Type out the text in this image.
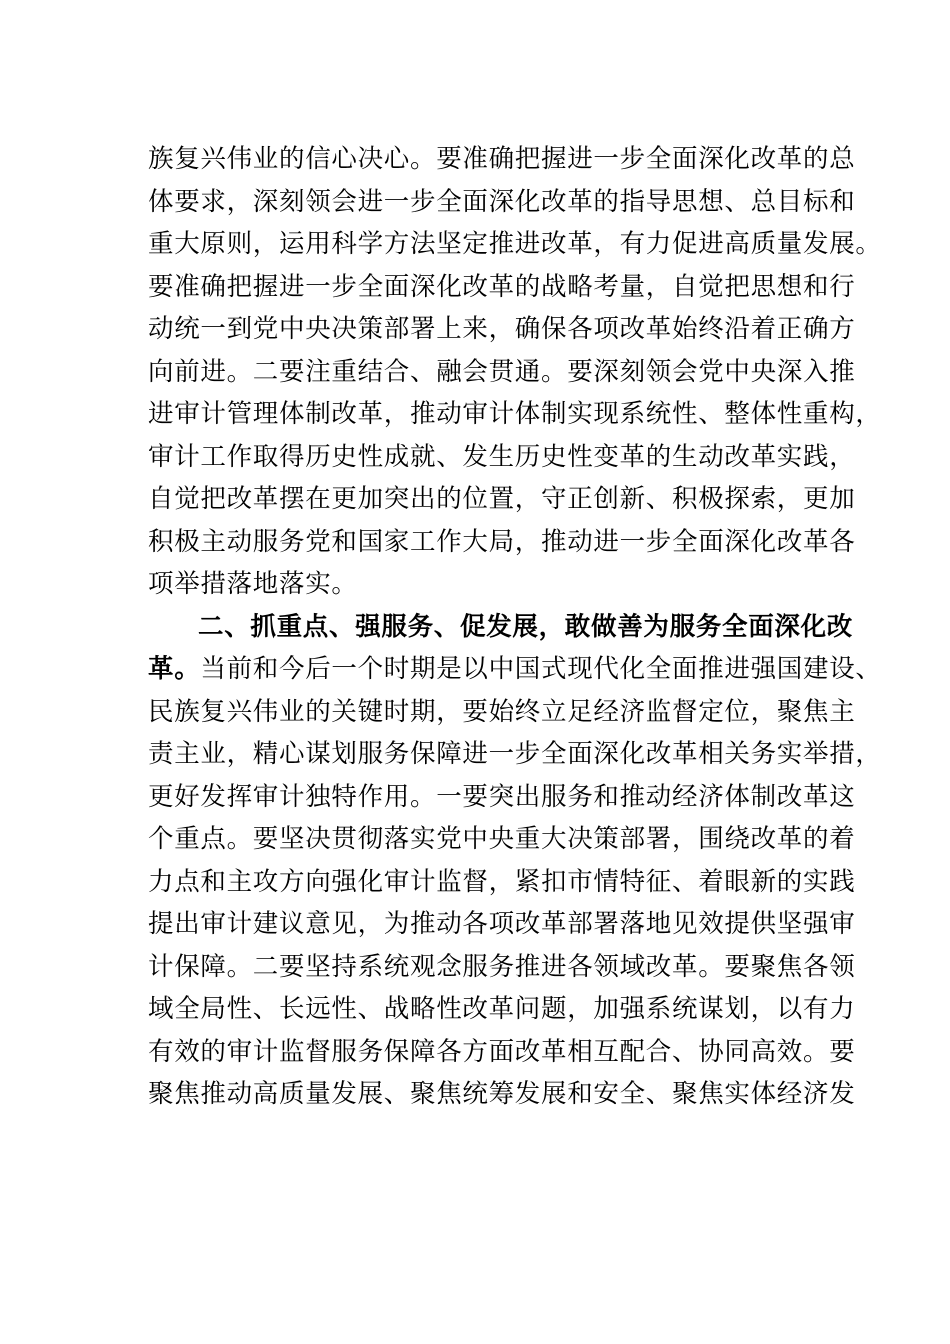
族复兴伟业的信心决心。要准确把握进一步全面深化改革的总
体要求，深刻领会进一步全面深化改革的指导思想、总目标和
重大原则，运用科学方法坚定推进改革，有力促进高质量发展。
要准确把握进一步全面深化改革的战略考量，自觉把思想和行
动统一到党中央决策部署上来，确保各项改革始终沿着正确方
向前进。二要注重结合、融会贯通。要深刻领会党中央深入推
进审计管理体制改革，推动审计体制实现系统性、整体性重构，
审计工作取得历史性成就、发生历史性变革的生动改革实践，
自觉把改革摆在更加突出的位置，守正创新、积极探索，更加
积极主动服务党和国家工作大局，推动进一步全面深化改革各
项举措落地落实。
二、抓重点、强服务、促发展，敢做善为服务全面深化改
革。当前和今后一个时期是以中国式现代化全面推进强国建设、
民族复兴伟业的关键时期，要始终立足经济监督定位，聚焦主
责主业，精心谋划服务保障进一步全面深化改革相关务实举措，
更好发挥审计独特作用。一要突出服务和推动经济体制改革这
个重点。要坚决贯彻落实党中央重大决策部署，围绕改革的着
力点和主攻方向强化审计监督，紧扣市情特征、着眼新的实践
提出审计建议意见，为推动各项改革部署落地见效提供坚强审
计保障。二要坚持系统观念服务推进各领域改革。要聚焦各领
域全局性、长远性、战略性改革问题，加强系统谋划，以有力
有效的审计监督服务保障各方面改革相互配合、协同高效。要
聚焦推动高质量发展、聚焦统筹发展和安全、聚焦实体经济发
